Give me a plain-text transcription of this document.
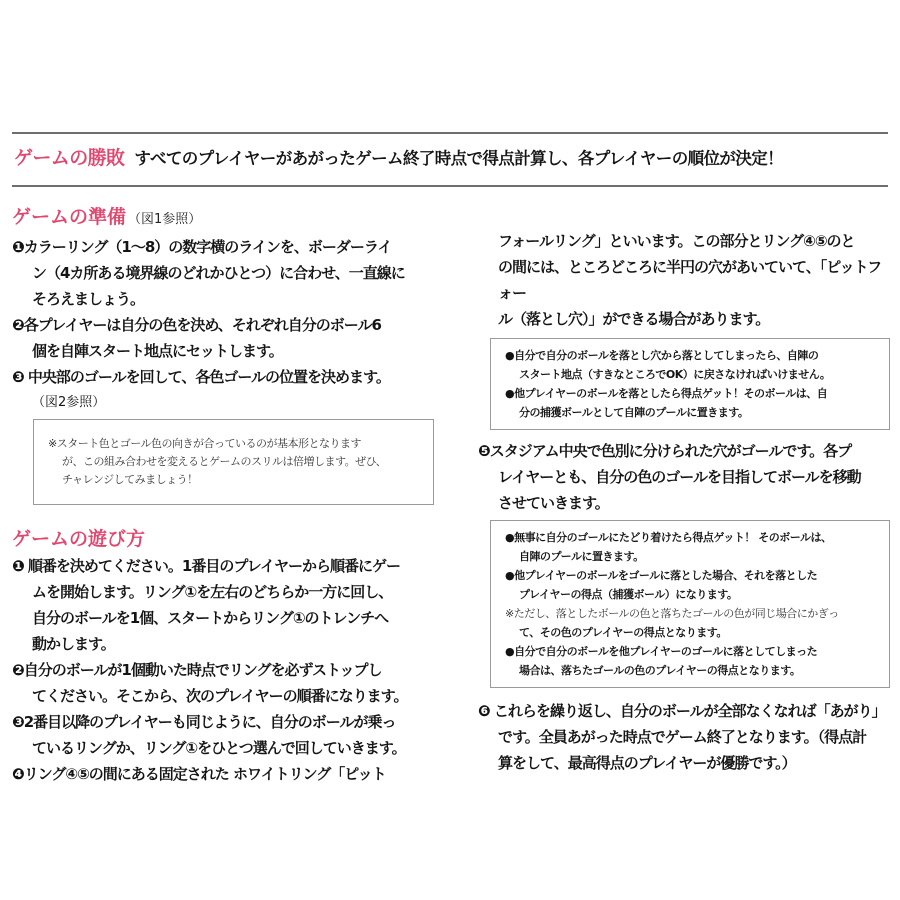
ゲームの勝敗 すべてのプレイヤーがあがったゲーム終了時点で得点計算し、各プレイヤーの順位が決定！
ゲームの準備 （図1参照）
❶カラーリング（1～8）の数字横のラインを、ボーダーライ
ン（4カ所ある境界線のどれかひとつ）に合わせ、一直線に
そろえましょう。
❷各プレイヤーは自分の色を決め、それぞれ自分のボール6
個を自陣スタート地点にセットします。
❸ 中央部のゴールを回して、各色ゴールの位置を決めます。
（図2参照）
※スタート色とゴール色の向きが合っているのが基本形となります
が、この組み合わせを変えるとゲームのスリルは倍増します。ぜひ、
チャレンジしてみましょう！
ゲームの遊び方
❶ 順番を決めてください。1番目のプレイヤーから順番にゲー
ムを開始します。リング①を左右のどちらか一方に回し、
自分のボールを1個、スタートからリング①のトレンチへ
動かします。
❷自分のボールが1個動いた時点でリングを必ずストップし
てください。そこから、次のプレイヤーの順番になります。
❸2番目以降のプレイヤーも同じように、自分のボールが乗っ
ているリングか、リング①をひとつ選んで回していきます。
❹リング④⑤の間にある固定された ホワイトリング「ピット
フォールリング」といいます。この部分とリング④⑤のと
の間には、ところどころに半円の穴があいていて、「ピットフォー
ル（落とし穴）」ができる場合があります。
●自分で自分のボールを落とし穴から落としてしまったら、自陣の
スタート地点（すきなところでOK）に戻さなければいけません。
●他プレイヤーのボールを落としたら得点ゲット！そのボールは、自
分の捕獲ボールとして自陣のプールに置きます。
❺スタジアム中央で色別に分けられた穴がゴールです。各プ
レイヤーとも、自分の色のゴールを目指してボールを移動
させていきます。
●無事に自分のゴールにたどり着けたら得点ゲット！ そのボールは、
自陣のプールに置きます。
●他プレイヤーのボールをゴールに落とした場合、それを落とした
プレイヤーの得点（捕獲ボール）になります。
※ただし、落としたボールの色と落ちたゴールの色が同じ場合にかぎっ
て、その色のプレイヤーの得点となります。
●自分で自分のボールを他プレイヤーのゴールに落としてしまった
場合は、落ちたゴールの色のプレイヤーの得点となります。
❻ これらを繰り返し、自分のボールが全部なくなれば「あがり」
です。全員あがった時点でゲーム終了となります。（得点計
算をして、最高得点のプレイヤーが優勝です。）
